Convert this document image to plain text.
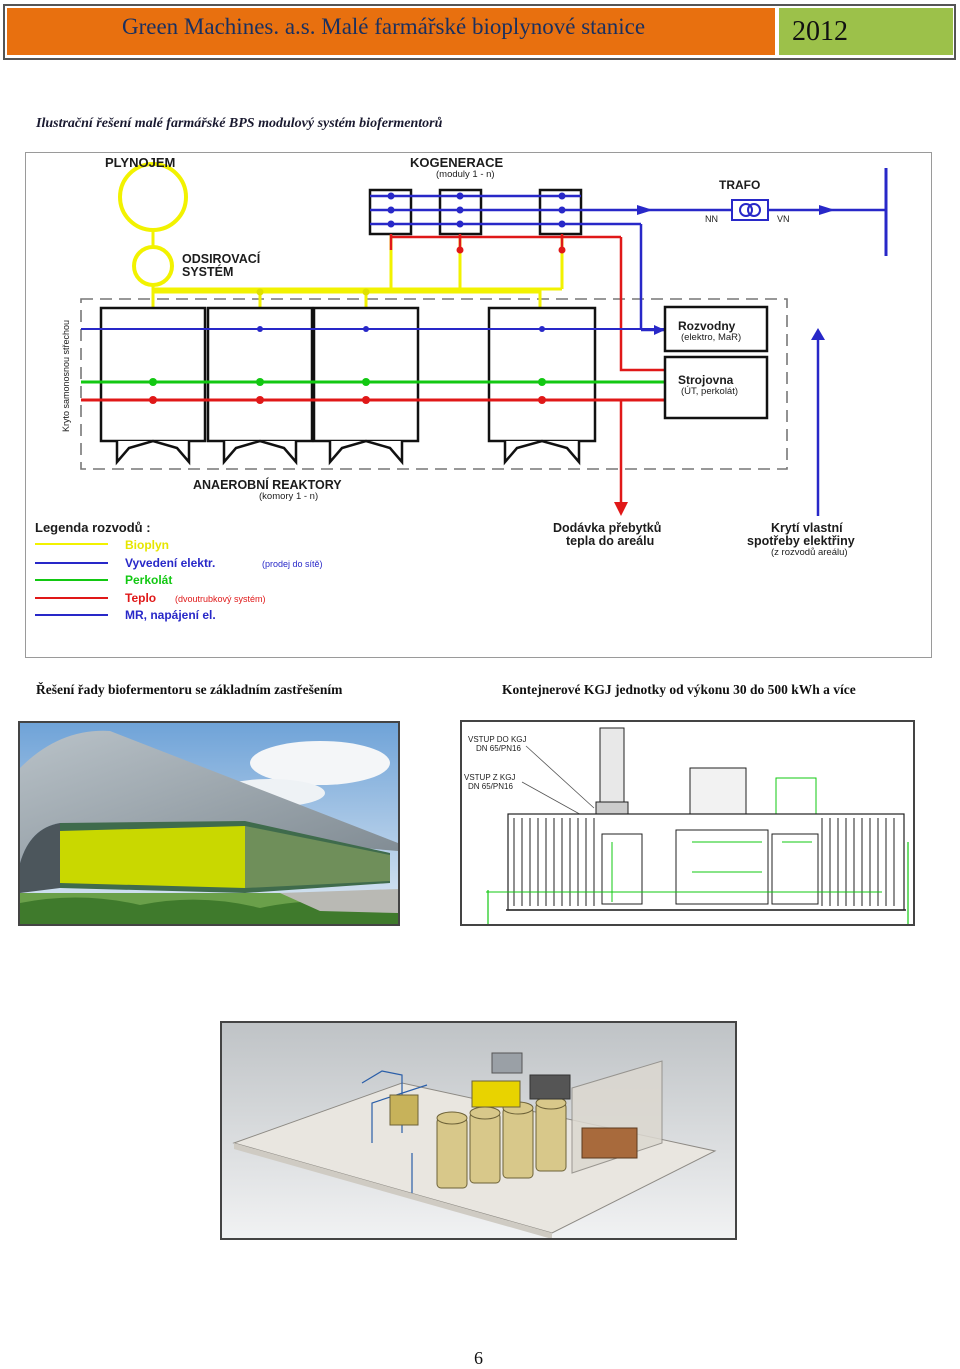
Green Machines. a.s. Malé farmářské bioplynové stanice	2012
Ilustrační řešení malé farmářské BPS modulový systém biofermentorů
PLYNOJEM	KOGENERACE
(moduly 1 - n)
ODSIROVACÍ
SYSTÉM
TRAFO
NN	VN
Rozvodny
(elektro, MaR)
Strojovna
(ÚT, perkolát)
Kryto samonosnou střechou
ANAEROBNÍ REAKTORY
(komory 1 - n)
Legenda rozvodů :
Bioplyn
Vyvedení elektr.	(prodej do sítě)
Perkolát
Teplo (dvoutrubkový systém)
MR, napájení el.
Dodávka přebytků
tepla do areálu
Krytí vlastní
spotřeby elektřiny
(z rozvodů areálu)
Řešení řady biofermentoru se základním zastřešením	Kontejnerové KGJ jednotky od výkonu 30 do 500 kWh a více
VSTUP DO KGJ
DN 65/PN16
VSTUP Z KGJ
DN 65/PN16
6
